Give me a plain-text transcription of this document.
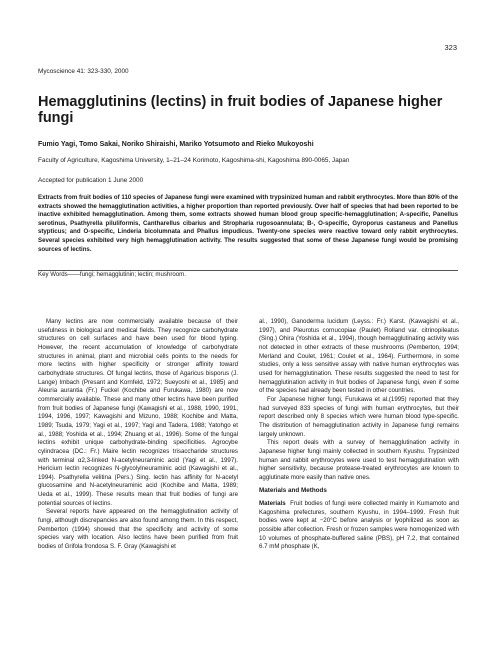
323
Mycoscience 41: 323-330, 2000
Hemagglutinins (lectins) in fruit bodies of Japanese higher fungi
Fumio Yagi, Tomo Sakai, Noriko Shiraishi, Mariko Yotsumoto and Rieko Mukoyoshi
Faculty of Agriculture, Kagoshima University, 1–21–24 Korimoto, Kagoshima-shi, Kagoshima 890-0065, Japan
Accepted for publication 1 June 2000

Extracts from fruit bodies of 110 species of Japanese fungi were examined with trypsinized human and rabbit erythrocytes. More than 80% of the extracts showed the hemagglutination activities, a higher proportion than reported previously. Over half of species that had been reported to be inactive exhibited hemagglutination. Among them, some extracts showed human blood group specific-hemagglutination; A-specific, Panellus serotinus, Psathyrella piluliformis, Cantharellus cibarius and Stropharia rugosoannulata; B-, O-specific, Gyroporus castaneus and Panellus stypticus; and O-specific, Linderia bicolumnata and Phallus impudicus. Twenty-one species were reactive toward only rabbit erythrocytes. Several species exhibited very high hemagglutination activity. The results suggested that some of these Japanese fungi would be promising sources of lectins.

Key Words——fungi; hemagglutinin; lectin; mushroom.

Many lectins are now commercially available because of their usefulness in biological and medical fields. They recognize carbohydrate structures on cell surfaces and have been used for blood typing. However, the recent accumulation of knowledge of carbohydrate structures in animal, plant and microbial cells points to the needs for more lectins with higher specificity or stronger affinity toward carbohydrate structures. Of fungal lectins, those of Agaricus bisporus (J. Lange) Imbach (Presant and Kornfeld, 1972; Sueyoshi et al., 1985) and Aleuria aurantia (Fr.) Fuckel (Kochibe and Furukawa, 1980) are now commercially available. These and many other lectins have been purified from fruit bodies of Japanese fungi (Kawagishi et al., 1988, 1990, 1991, 1994, 1996, 1997; Kawagishi and Mizuno, 1988; Kochibe and Matta, 1989; Tsuda, 1979; Yagi et al., 1997; Yagi and Tadera, 1988; Yatohgo et al., 1988; Yoshida et al., 1994; Zhuang et al., 1996). Some of the fungal lectins exhibit unique carbohydrate-binding specificities. Agrocybe cylindracea (DC.: Fr.) Maire lectin recognizes trisaccharide structures with terminal α2,3-linked N-acetylneuraminic acid (Yagi et al., 1997). Hericium lectin recognizes N-glycolylneuraminic acid (Kawagishi et al., 1994). Psathyrella velitina (Pers.) Sing. lectin has affinity for N-acetyl glucosamine and N-acetylneuraminic acid (Kochibe and Matta, 1989; Ueda et al., 1999). These results mean that fruit bodies of fungi are potential sources of lectins.

Several reports have appeared on the hemagglutination activity of fungi, although discrepancies are also found among them. In this respect, Pemberton (1994) showed that the specificity and activity of some species vary with location. Also lectins have been purified from fruit bodies of Grifola frondosa S. F. Gray (Kawagishi et

al., 1990), Ganoderma lucidum (Leyss.: Fr.) Karst. (Kawagishi et al., 1997), and Pleurotus cornucopiae (Paulet) Rolland var. citrinopileatus (Sing.) Ohira (Yoshida et al., 1994), though hemagglutinating activity was not detected in other extracts of these mushrooms (Pemberton, 1994; Merland and Coulet, 1961; Coulet et al., 1964). Furthermore, in some studies, only a less sensitive assay with native human erythrocytes was used for hemagglutination. These results suggested the need to test for hemagglutination activity in fruit bodies of Japanese fungi, even if some of the species had already been tested in other countries.

For Japanese higher fungi, Furukawa et al.(1995) reported that they had surveyed 833 species of fungi with human erythrocytes, but their report described only 8 species which were human blood type-specific. The distribution of hemagglutination activity in Japanese fungi remains largely unknown.

This report deals with a survey of hemagglutination activity in Japanese higher fungi mainly collected in southern Kyushu. Trypsinized human and rabbit erythrocytes were used to test hemagglutination with higher sensitivity, because protease-treated erythrocytes are known to agglutinate more easily than native ones.

Materials and Methods

Materials Fruit bodies of fungi were collected mainly in Kumamoto and Kagoshima prefectures, southern Kyushu, in 1994–1999. Fresh fruit bodies were kept at −20°C before analysis or lyophilized as soon as possible after collection. Fresh or frozen samples were homogenized with 10 volumes of phosphate-buffered saline (PBS), pH 7.2, that contained 6.7 mM phosphate (K,
